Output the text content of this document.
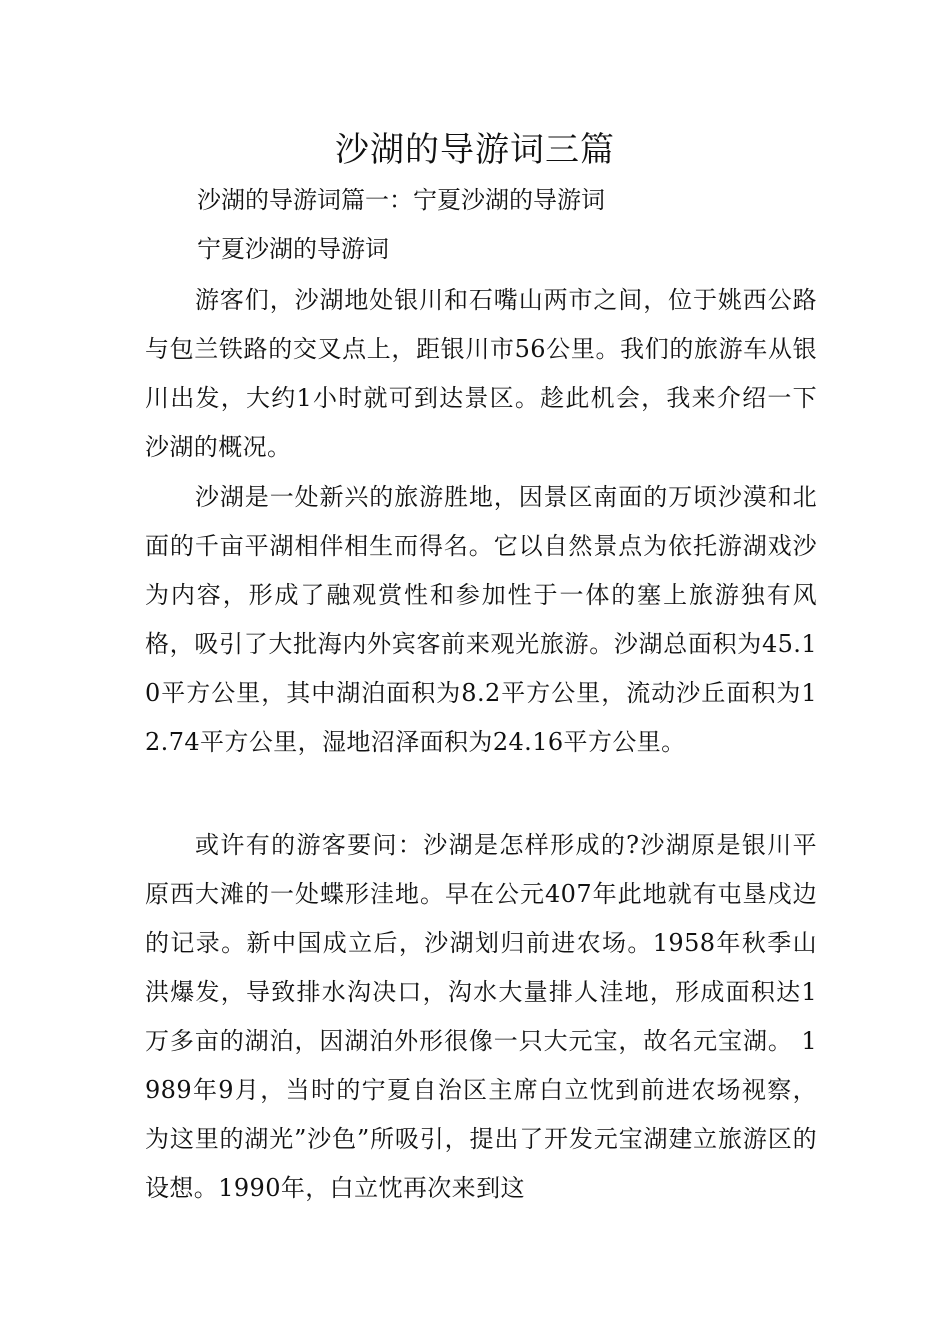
沙湖的导游词三篇

沙湖的导游词篇一：宁夏沙湖的导游词

宁夏沙湖的导游词

游客们，沙湖地处银川和石嘴山两市之间，位于姚西公路与包兰铁路的交叉点上，距银川市56公里。我们的旅游车从银川出发，大约1小时就可到达景区。趁此机会，我来介绍一下沙湖的概况。

沙湖是一处新兴的旅游胜地，因景区南面的万顷沙漠和北面的千亩平湖相伴相生而得名。它以自然景点为依托游湖戏沙为内容，形成了融观赏性和参加性于一体的塞上旅游独有风格，吸引了大批海内外宾客前来观光旅游。沙湖总面积为45.10平方公里，其中湖泊面积为8.2平方公里，流动沙丘面积为12.74平方公里，湿地沼泽面积为24.16平方公里。

或许有的游客要问：沙湖是怎样形成的?沙湖原是银川平原西大滩的一处蝶形洼地。早在公元407年此地就有屯垦戍边的记录。新中国成立后，沙湖划归前进农场。1958年秋季山洪爆发，导致排水沟决口，沟水大量排人洼地，形成面积达1万多亩的湖泊，因湖泊外形很像一只大元宝，故名元宝湖。 1989年9月，当时的宁夏自治区主席白立忱到前进农场视察，为这里的湖光”沙色”所吸引，提出了开发元宝湖建立旅游区的设想。1990年，白立忱再次来到这
